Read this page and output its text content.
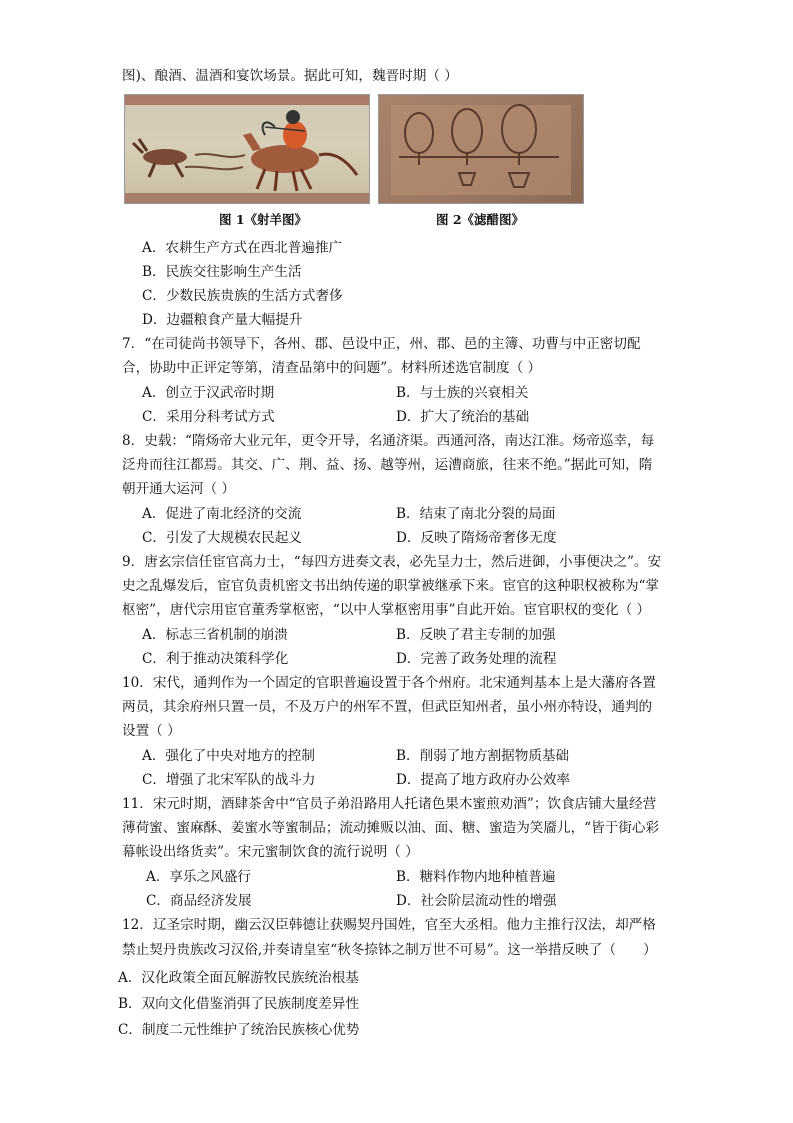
图)、酿酒、温酒和宴饮场景。据此可知，魏晋时期（ ）
图 1《射羊图》	图 2《滤醋图》
A．农耕生产方式在西北普遍推广
B．民族交往影响生产生活
C．少数民族贵族的生活方式奢侈
D．边疆粮食产量大幅提升
7．“在司徒尚书领导下，各州、郡、邑设中正，州、郡、邑的主簿、功曹与中正密切配
合，协助中正评定等第，清查品第中的问题”。材料所述选官制度（ ）
A．创立于汉武帝时期	B．与士族的兴衰相关
C．采用分科考试方式	D．扩大了统治的基础
8．史载：“隋炀帝大业元年，更令开导，名通济渠。西通河洛，南达江淮。炀帝巡幸，每
泛舟而往江都焉。其交、广、荆、益、扬、越等州，运漕商旅，往来不绝。”据此可知，隋
朝开通大运河（ ）
A．促进了南北经济的交流	B．结束了南北分裂的局面
C．引发了大规模农民起义	D．反映了隋炀帝奢侈无度
9．唐玄宗信任宦官高力士，“每四方进奏文表，必先呈力士，然后进御，小事便决之”。安
史之乱爆发后，宦官负责机密文书出纳传递的职掌被继承下来。宦官的这种职权被称为“掌
枢密”，唐代宗用宦官董秀掌枢密，“以中人掌枢密用事”自此开始。宦官职权的变化（ ）
A．标志三省机制的崩溃	B．反映了君主专制的加强
C．利于推动决策科学化	D．完善了政务处理的流程
10．宋代，通判作为一个固定的官职普遍设置于各个州府。北宋通判基本上是大藩府各置
两员，其余府州只置一员，不及万户的州军不置，但武臣知州者，虽小州亦特设，通判的
设置（ ）
A．强化了中央对地方的控制	B．削弱了地方割据物质基础
C．增强了北宋军队的战斗力	D．提高了地方政府办公效率
11．宋元时期，酒肆茶舍中“官员子弟沿路用人托诸色果木蜜煎劝酒”；饮食店铺大量经营
薄荷蜜、蜜麻酥、姜蜜水等蜜制品；流动摊贩以油、面、糖、蜜造为笑靥儿，“皆于街心彩
幕帐设出络货卖”。宋元蜜制饮食的流行说明（ ）
A．享乐之风盛行	B．糖料作物内地种植普遍
C．商品经济发展	D．社会阶层流动性的增强
12．辽圣宗时期，幽云汉臣韩德让获赐契丹国姓，官至大丞相。他力主推行汉法，却严格
禁止契丹贵族改习汉俗,并奏请皇室“秋冬捺钵之制万世不可易”。这一举措反映了（　　）
A．汉化政策全面瓦解游牧民族统治根基
B．双向文化借鉴消弭了民族制度差异性
C．制度二元性维护了统治民族核心优势
